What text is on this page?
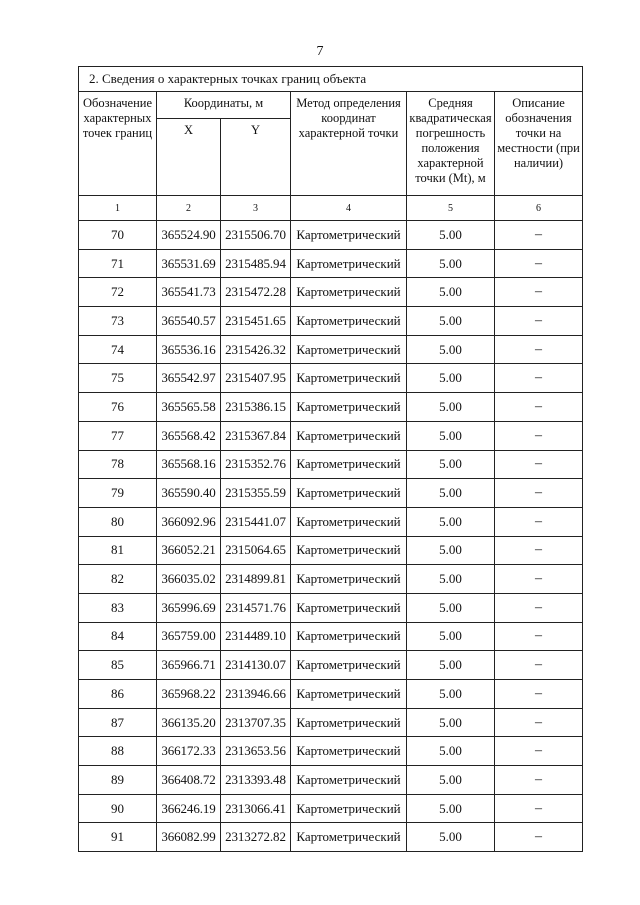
7
2. Сведения о характерных точках границ объекта					
Обозначение характерных точек границ	Координаты, м		Метод определения координат характерной точки	Средняя квадратическая погрешность положения характерной точки (Mt), м	Описание обозначения точки на местности (при наличии)
	X	Y			
1	2	3	4	5	6
70	365524.90	2315506.70	Картометрический	5.00	–
71	365531.69	2315485.94	Картометрический	5.00	–
72	365541.73	2315472.28	Картометрический	5.00	–
73	365540.57	2315451.65	Картометрический	5.00	–
74	365536.16	2315426.32	Картометрический	5.00	–
75	365542.97	2315407.95	Картометрический	5.00	–
76	365565.58	2315386.15	Картометрический	5.00	–
77	365568.42	2315367.84	Картометрический	5.00	–
78	365568.16	2315352.76	Картометрический	5.00	–
79	365590.40	2315355.59	Картометрический	5.00	–
80	366092.96	2315441.07	Картометрический	5.00	–
81	366052.21	2315064.65	Картометрический	5.00	–
82	366035.02	2314899.81	Картометрический	5.00	–
83	365996.69	2314571.76	Картометрический	5.00	–
84	365759.00	2314489.10	Картометрический	5.00	–
85	365966.71	2314130.07	Картометрический	5.00	–
86	365968.22	2313946.66	Картометрический	5.00	–
87	366135.20	2313707.35	Картометрический	5.00	–
88	366172.33	2313653.56	Картометрический	5.00	–
89	366408.72	2313393.48	Картометрический	5.00	–
90	366246.19	2313066.41	Картометрический	5.00	–
91	366082.99	2313272.82	Картометрический	5.00	–
